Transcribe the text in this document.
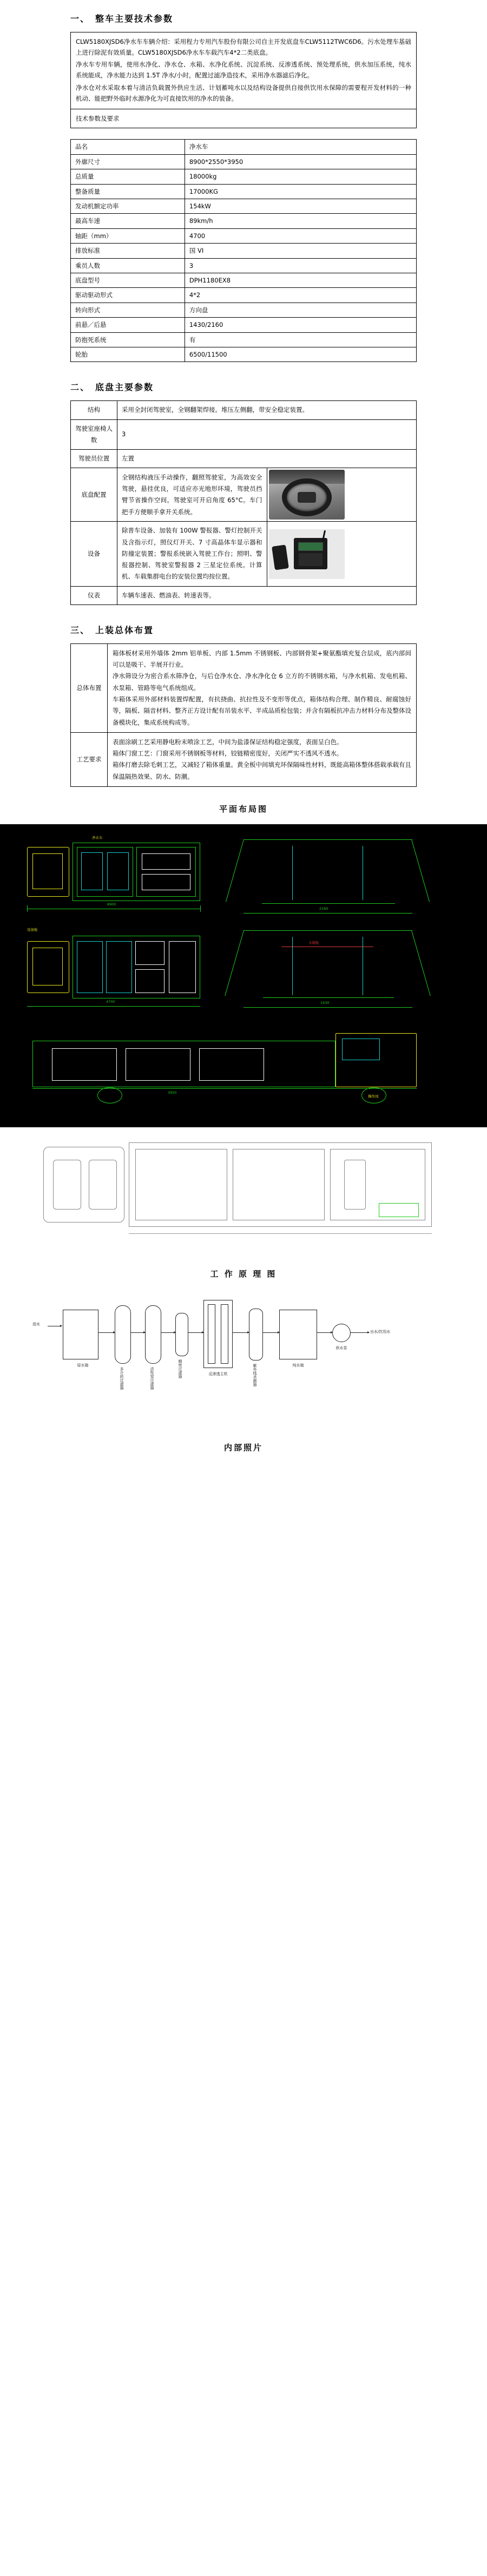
一、 整车主要技术参数

CLW5180XJSD6净水车车辆介绍：采用程力专用汽车股份有限公司自主开发底盘车CLW5112TWC6D6。污水处理车基础上进行除泥有效质量。CLW5180XJSD6净水车车载汽车4*2二类底盘。

净水车专用车辆，使用水净化、净水仓、水箱、水净化系统、沉淀系统、反渗透系统、预处理系统，供水加压系统，纯水系统能成，净水能力达到 1.5T 净水/小时，配置过滤净造技术，采用净水器滤后净化。

净水仓对水采取本着与清洁负载置外供应生活、计划蓄吨水以及结构设备提供自接供饮用水保障的需要程开发材料的一种机动、能把野外临时水源净化为可直接饮用的净水的装备。

技术参数及要求
品名	净水车
外廓尺寸	8900*2550*3950
总质量	18000kg
整备质量	17000KG
发动机额定功率	154kW
最高车速	89km/h
轴距（mm）	4700
排放标准	国 VI
乘员人数	3
底盘型号	DPH1180EX8
驱动驱动形式	4*2
转向形式	方向盘
前悬／后悬	1430/2160
防抱死系统	有
轮胎	6500/11500
二、 底盘主要参数
结构	采用全封闭驾驶室，全钢翻架焊接。堆压左侧翻，带安全稳定装置。	
驾驶室座椅人数	3	
驾驶员位置	左置	
底盘配置	全钢结构液压手动操作，翻照驾驶室，为高效安全驾驶，悬挂优良，可适应亦光地形环境，驾驶员挡臂节省操作空间。驾驶室可开启角度 65°C。车门把手方便顺手拿开关系统。	

设备	除普车设备、加装有 100W 警报器、警灯控制开关及含指示灯，照仪灯开关、7 寸高晶体车显示器和防撞定装置；警报系统嵌入驾驶工作台；照明、警报器控制、驾驶室警报器 2 三星定位系统。计算机、车载集群电台的安装位置均按位置。	

仪表	车辆车速表、燃油表、转速表等。	
三、 上装总体布置
总体布置	箱体板材采用外墙体 2mm 铝单板、内部 1.5mm 不锈钢板、内部钢骨架+聚氨酯填充复合层成，底内部间可以是吸干、半展开行业。
净水筛设分为密合系水筛净仓，与后仓净水仓、净水净化仓 6 立方的不锈钢水箱，与净水机箱、发电机箱、水泵箱、管路等电气系统组成。
车箱体采用外部材料装置焊配置，有抗挠曲、抗拉性及不变形等优点，箱体结构合理、制作精良、耐腐蚀好等，隔板、隔音材料、整齐正方设计配有吊装水平、半成品质检包装；并含有隔板抗冲击力材料分布及整体设备模块化，集成系统构成等。

工艺要求	表面涂刷工艺采用静电粉末喷涂工艺，中间为盐漆保证结构稳定强度，表面呈白色。
箱体门窗工艺：门窗采用不锈钢板等材料，铰链精密度好，关闭严实不透风不透水。
箱体打磨去除毛刺工艺，又减轻了箱体重量。黄全板中间填充环保隔味性材料，既能高箱体整体搭载承载有且保温隔热效果、防水、防潮。
平面布局图
8900
净水车
2160
4700
设备舱
水箱舱
1430
3950
操作间
工 作 原 理 图
进水
原水箱
多介质过滤器	活性炭过滤器	精密过滤器	反渗透主机	紫外线杀菌器	纯水箱
供水泵
出水/饮用水
内部照片
